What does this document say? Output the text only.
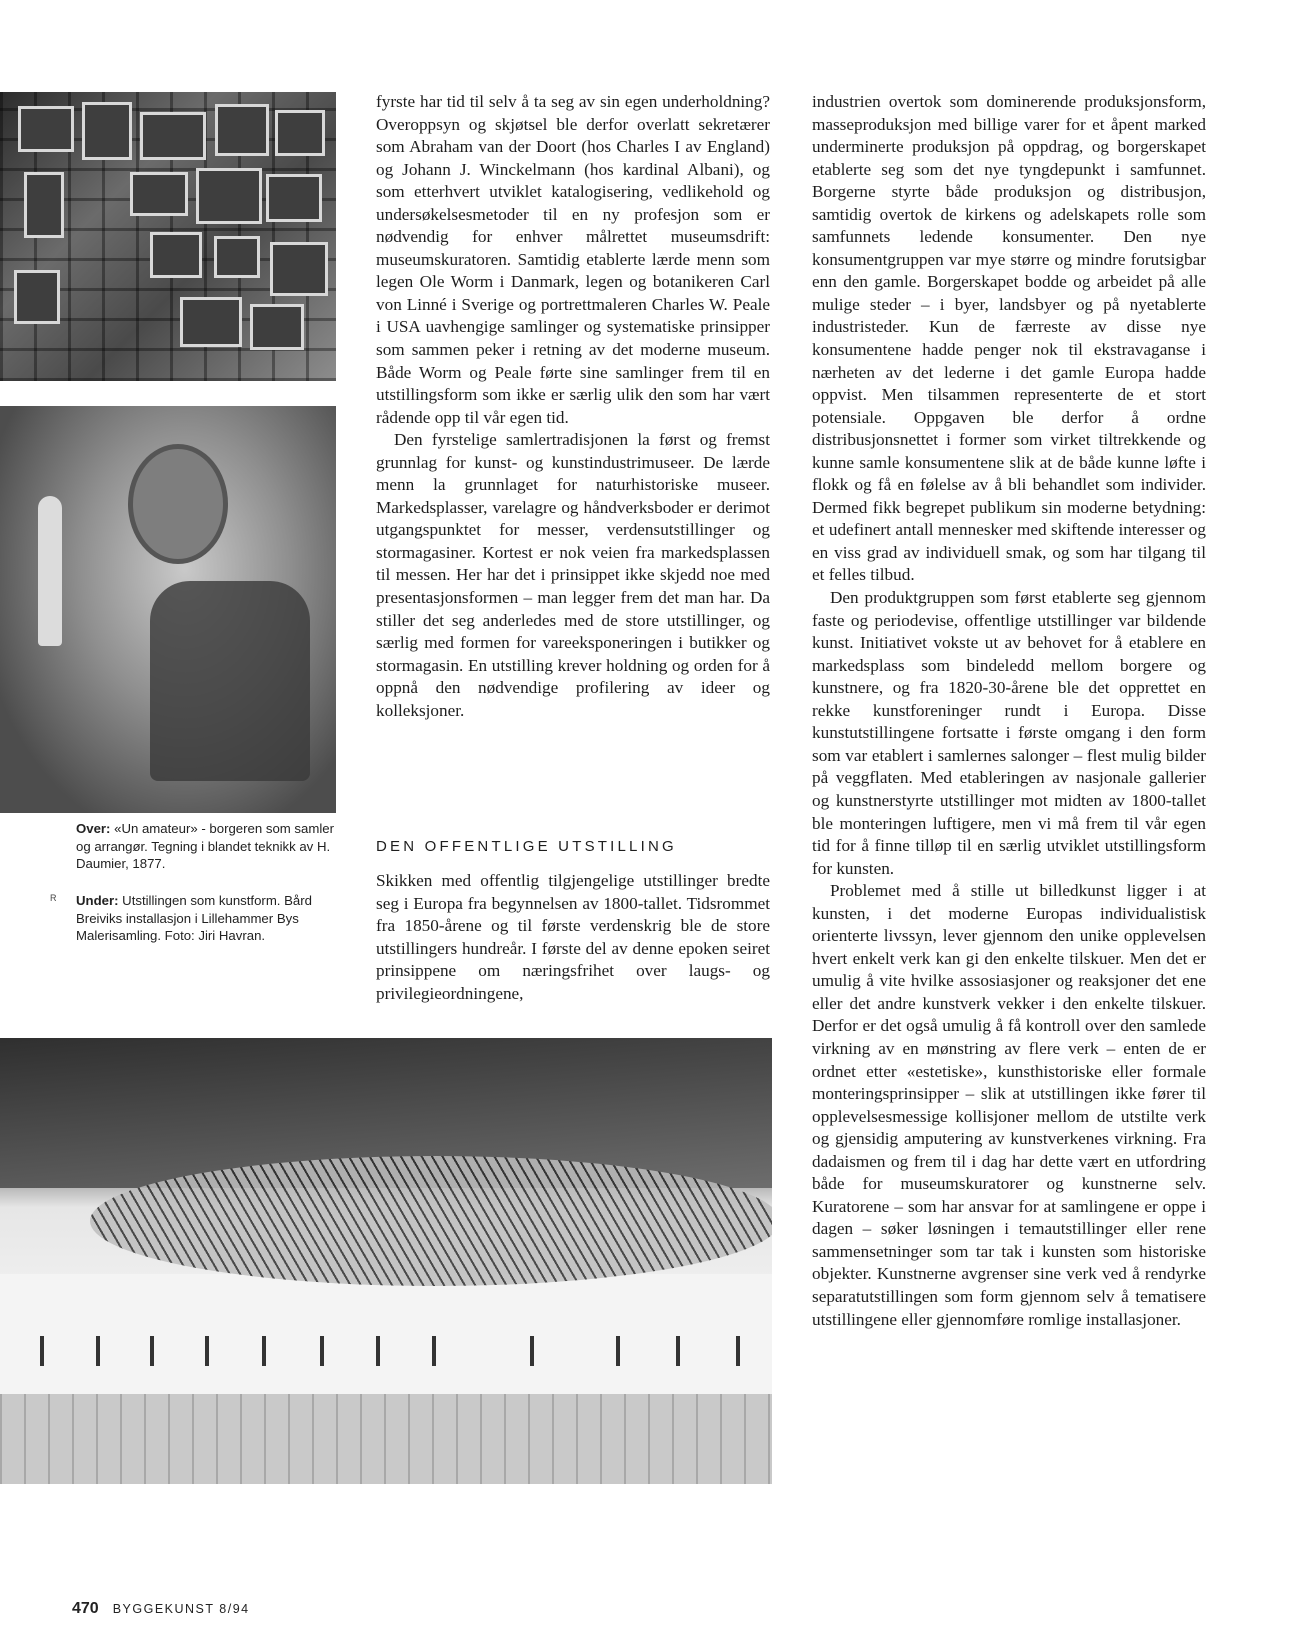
Over: «Un amateur» - borgeren som samler og arrangør. Tegning i blandet teknikk av H. Daumier, 1877.
R Under: Utstillingen som kunstform. Bård Breiviks installasjon i Lillehammer Bys Malerisamling. Foto: Jiri Havran.

fyrste har tid til selv å ta seg av sin egen underholdning? Overoppsyn og skjøtsel ble derfor overlatt sekretærer som Abraham van der Doort (hos Charles I av England) og Johann J. Winckelmann (hos kardinal Albani), og som etterhvert utviklet katalogisering, vedlikehold og undersøkelsesmetoder til en ny profesjon som er nødvendig for enhver målrettet museumsdrift: museumskuratoren. Samtidig etablerte lærde menn som legen Ole Worm i Danmark, legen og botanikeren Carl von Linné i Sverige og portrettmaleren Charles W. Peale i USA uavhengige samlinger og systematiske prinsipper som sammen peker i retning av det moderne museum. Både Worm og Peale førte sine samlinger frem til en utstillingsform som ikke er særlig ulik den som har vært rådende opp til vår egen tid.

Den fyrstelige samlertradisjonen la først og fremst grunnlag for kunst- og kunstindustrimuseer. De lærde menn la grunnlaget for naturhistoriske museer. Markedsplasser, varelagre og håndverksboder er derimot utgangspunktet for messer, verdensutstillinger og stormagasiner. Kortest er nok veien fra markedsplassen til messen. Her har det i prinsippet ikke skjedd noe med presentasjonsformen – man legger frem det man har. Da stiller det seg anderledes med de store utstillinger, og særlig med formen for vareeksponeringen i butikker og stormagasin. En utstilling krever holdning og orden for å oppnå den nødvendige profilering av ideer og kolleksjoner.

DEN OFFENTLIGE UTSTILLING

Skikken med offentlig tilgjengelige utstillinger bredte seg i Europa fra begynnelsen av 1800-tallet. Tidsrommet fra 1850-årene og til første verdenskrig ble de store utstillingers hundreår. I første del av denne epoken seiret prinsippene om næringsfrihet over laugs- og privilegieordningene,

industrien overtok som dominerende produksjonsform, masseproduksjon med billige varer for et åpent marked underminerte produksjon på oppdrag, og borgerskapet etablerte seg som det nye tyngdepunkt i samfunnet. Borgerne styrte både produksjon og distribusjon, samtidig overtok de kirkens og adelskapets rolle som samfunnets ledende konsumenter. Den nye konsumentgruppen var mye større og mindre forutsigbar enn den gamle. Borgerskapet bodde og arbeidet på alle mulige steder – i byer, landsbyer og på nyetablerte industristeder. Kun de færreste av disse nye konsumentene hadde penger nok til ekstravaganse i nærheten av det lederne i det gamle Europa hadde oppvist. Men tilsammen representerte de et stort potensiale. Oppgaven ble derfor å ordne distribusjonsnettet i former som virket tiltrekkende og kunne samle konsumentene slik at de både kunne løfte i flokk og få en følelse av å bli behandlet som individer. Dermed fikk begrepet publikum sin moderne betydning: et udefinert antall mennesker med skiftende interesser og en viss grad av individuell smak, og som har tilgang til et felles tilbud.

Den produktgruppen som først etablerte seg gjennom faste og periodevise, offentlige utstillinger var bildende kunst. Initiativet vokste ut av behovet for å etablere en markedsplass som bindeledd mellom borgere og kunstnere, og fra 1820-30-årene ble det opprettet en rekke kunstforeninger rundt i Europa. Disse kunstutstillingene fortsatte i første omgang i den form som var etablert i samlernes salonger – flest mulig bilder på veggflaten. Med etableringen av nasjonale gallerier og kunstnerstyrte utstillinger mot midten av 1800-tallet ble monteringen luftigere, men vi må frem til vår egen tid for å finne tilløp til en særlig utviklet utstillingsform for kunsten.

Problemet med å stille ut billedkunst ligger i at kunsten, i det moderne Europas individualistisk orienterte livssyn, lever gjennom den unike opplevelsen hvert enkelt verk kan gi den enkelte tilskuer. Men det er umulig å vite hvilke assosiasjoner og reaksjoner det ene eller det andre kunstverk vekker i den enkelte tilskuer. Derfor er det også umulig å få kontroll over den samlede virkning av en mønstring av flere verk – enten de er ordnet etter «estetiske», kunsthistoriske eller formale monteringsprinsipper – slik at utstillingen ikke fører til opplevelsesmessige kollisjoner mellom de utstilte verk og gjensidig amputering av kunstverkenes virkning. Fra dadaismen og frem til i dag har dette vært en utfordring både for museumskuratorer og kunstnerne selv. Kuratorene – som har ansvar for at samlingene er oppe i dagen – søker løsningen i temautstillinger eller rene sammensetninger som tar tak i kunsten som historiske objekter. Kunstnerne avgrenser sine verk ved å rendyrke separatutstillingen som form gjennom selv å tematisere utstillingene eller gjennomføre romlige installasjoner.

470 BYGGEKUNST 8/94
